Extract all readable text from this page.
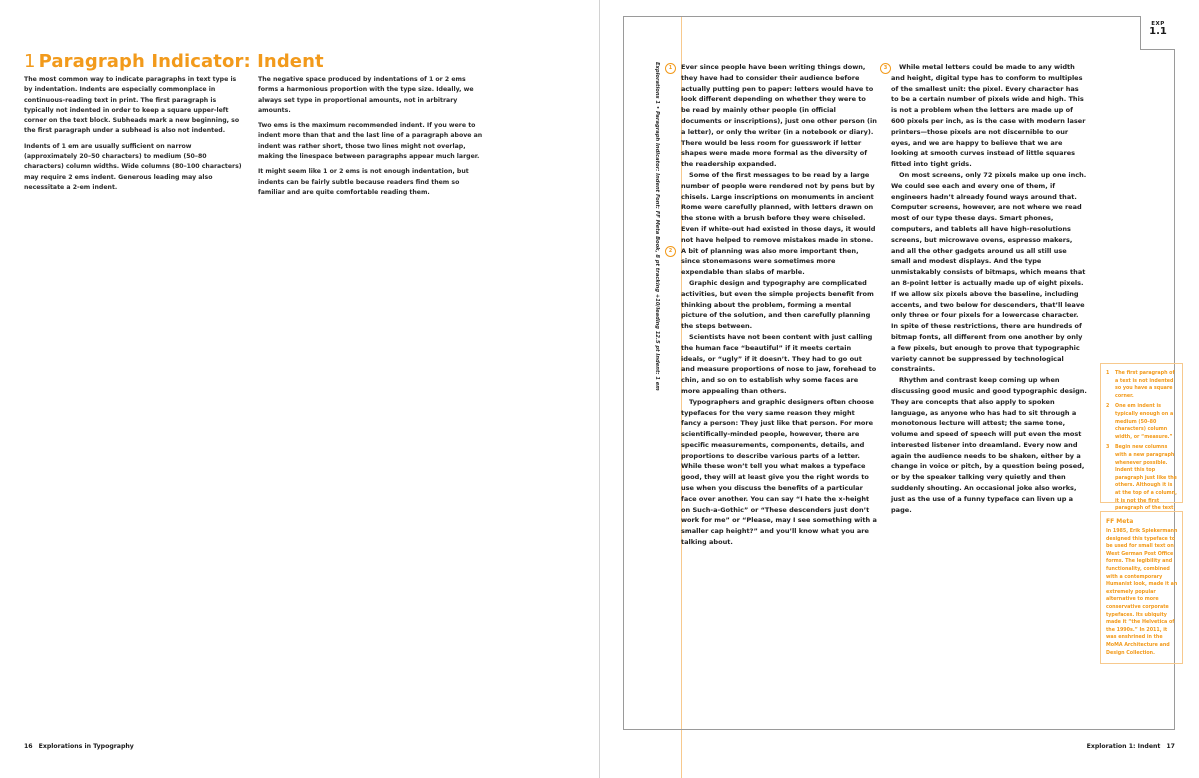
1 Paragraph Indicator: Indent

The most common way to indicate paragraphs in text type is by indentation. Indents are especially commonplace in continuous-reading text in print. The first paragraph is typically not indented in order to keep a square upper-left corner on the text block. Subheads mark a new beginning, so the first paragraph under a subhead is also not indented.

Indents of 1 em are usually sufficient on narrow (approximately 20–50 characters) to medium (50–80 characters) column widths. Wide columns (80–100 characters) may require 2 ems indent. Generous leading may also necessitate a 2-em indent.

The negative space produced by indentations of 1 or 2 ems forms a harmonious proportion with the type size. Ideally, we always set type in proportional amounts, not in arbitrary amounts.

Two ems is the maximum recommended indent. If you were to indent more than that and the last line of a paragraph above an indent was rather short, those two lines might not overlap, making the linespace between paragraphs appear much larger.

It might seem like 1 or 2 ems is not enough indentation, but indents can be fairly subtle because readers find them so familiar and are quite comfortable reading them.

16 Explorations in Typography
EXP
1.1
Explorations 1 • Paragraph Indicator: Indent Font: FF Meta Book, 8 pt tracking +10/leading 12.5 pt Indent: 1 em	1
2
3

Ever since people have been writing things down, they have had to consider their audience before actually putting pen to paper: letters would have to look different depending on whether they were to be read by mainly other people (in official documents or inscriptions), just one other person (in a letter), or only the writer (in a notebook or diary). There would be less room for guesswork if letter shapes were made more formal as the diversity of the readership expanded.

Some of the first messages to be read by a large number of people were rendered not by pens but by chisels. Large inscriptions on monuments in ancient Rome were carefully planned, with letters drawn on the stone with a brush before they were chiseled. Even if white-out had existed in those days, it would not have helped to remove mistakes made in stone. A bit of planning was also more important then, since stonemasons were sometimes more expendable than slabs of marble.

Graphic design and typography are complicated activities, but even the simple projects benefit from thinking about the problem, forming a mental picture of the solution, and then carefully planning the steps between.

Scientists have not been content with just calling the human face “beautiful” if it meets certain ideals, or “ugly” if it doesn’t. They had to go out and measure proportions of nose to jaw, forehead to chin, and so on to establish why some faces are more appealing than others.

Typographers and graphic designers often choose typefaces for the very same reason they might fancy a person: They just like that person. For more scientifically-minded people, however, there are specific measurements, components, details, and proportions to describe various parts of a letter. While these won’t tell you what makes a typeface good, they will at least give you the right words to use when you discuss the benefits of a particular face over another. You can say “I hate the x-height on Such-a-Gothic” or “These descenders just don’t work for me” or “Please, may I see something with a smaller cap height?” and you’ll know what you are talking about.

While metal letters could be made to any width and height, digital type has to conform to multiples of the smallest unit: the pixel. Every character has to be a certain number of pixels wide and high. This is not a problem when the letters are made up of 600 pixels per inch, as is the case with modern laser printers—those pixels are not discernible to our eyes, and we are happy to believe that we are looking at smooth curves instead of little squares fitted into tight grids.

On most screens, only 72 pixels make up one inch. We could see each and every one of them, if engineers hadn’t already found ways around that. Computer screens, however, are not where we read most of our type these days. Smart phones, computers, and tablets all have high-resolutions screens, but microwave ovens, espresso makers, and all the other gadgets around us all still use small and modest displays. And the type unmistakably consists of bitmaps, which means that an 8-point letter is actually made up of eight pixels. If we allow six pixels above the baseline, including accents, and two below for descenders, that’ll leave only three or four pixels for a lowercase character. In spite of these restrictions, there are hundreds of bitmap fonts, all different from one another by only a few pixels, but enough to prove that typographic variety cannot be suppressed by technological constraints.

Rhythm and contrast keep coming up when discussing good music and good typographic design. They are concepts that also apply to spoken language, as anyone who has had to sit through a monotonous lecture will attest; the same tone, volume and speed of speech will put even the most interested listener into dreamland. Every now and again the audience needs to be shaken, either by a change in voice or pitch, by a question being posed, or by the speaker talking very quietly and then suddenly shouting. An occasional joke also works, just as the use of a funny typeface can liven up a page.

1	The first paragraph of a text is not indented so you have a square corner.
2	One em indent is typically enough on a medium (50–80 characters) column width, or “measure.”
3	Begin new columns with a new paragraph whenever possible. Indent this top paragraph just like the others. Although it is at the top of a column, it is not the first paragraph of the text.
FF Meta
In 1985, Erik Spiekermann designed this typeface to be used for small text on West German Post Office forms. The legibility and functionality, combined with a contemporary Humanist look, made it an extremely popular alternative to more conservative corporate typefaces. Its ubiquity made it “the Helvetica of the 1990s.” In 2011, it was enshrined in the MoMA Architecture and Design Collection.
Exploration 1: Indent 17
